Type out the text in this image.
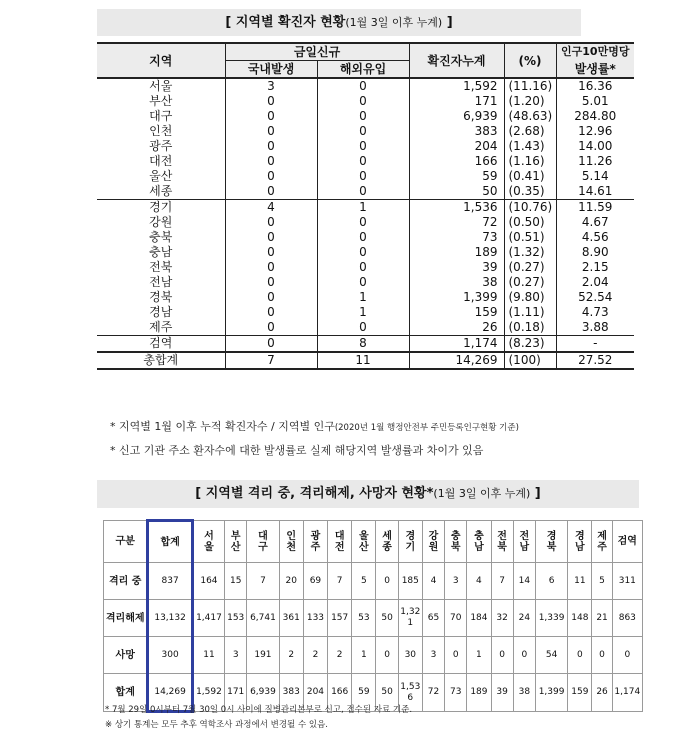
[ 지역별 확진자 현황(1월 3일 이후 누계) ]
지역	금일신규		확진자누계	(%)	인구10만명당
	국내발생	해외유입			발생률*
서울	3	0	1,592	(11.16)	16.36
부산	0	0	171	(1.20)	5.01
대구	0	0	6,939	(48.63)	284.80
인천	0	0	383	(2.68)	12.96
광주	0	0	204	(1.43)	14.00
대전	0	0	166	(1.16)	11.26
울산	0	0	59	(0.41)	5.14
세종	0	0	50	(0.35)	14.61
경기	4	1	1,536	(10.76)	11.59
강원	0	0	72	(0.50)	4.67
충북	0	0	73	(0.51)	4.56
충남	0	0	189	(1.32)	8.90
전북	0	0	39	(0.27)	2.15
전남	0	0	38	(0.27)	2.04
경북	0	1	1,399	(9.80)	52.54
경남	0	1	159	(1.11)	4.73
제주	0	0	26	(0.18)	3.88
검역	0	8	1,174	(8.23)	-
총합계	7	11	14,269	(100)	27.52
* 지역별 1월 이후 누적 확진자수 / 지역별 인구(2020년 1월 행정안전부 주민등록인구현황 기준)
* 신고 기관 주소 환자수에 대한 발생률로 실제 해당지역 발생률과 차이가 있음
[ 지역별 격리 중, 격리해제, 사망자 현황*(1월 3일 이후 누계) ]
구분	합계	서울	부산	대구	인천	광주	대전	울산	세종	경기	강원	충북	충남	전북	전남	경북	경남	제주	검역
격리 중	837	164	15	7	20	69	7	5	0	185	4	3	4	7	14	6	11	5	311
격리해제	13,132	1,417	153	6,741	361	133	157	53	50	1,321	65	70	184	32	24	1,339	148	21	863
사망	300	11	3	191	2	2	2	1	0	30	3	0	1	0	0	54	0	0	0
합계	14,269	1,592	171	6,939	383	204	166	59	50	1,536	72	73	189	39	38	1,399	159	26	1,174
* 7월 29일 0시부터 7월 30일 0시 사이에 질병관리본부로 신고, 접수된 자료 기준.
※ 상기 통계는 모두 추후 역학조사 과정에서 변경될 수 있음.
